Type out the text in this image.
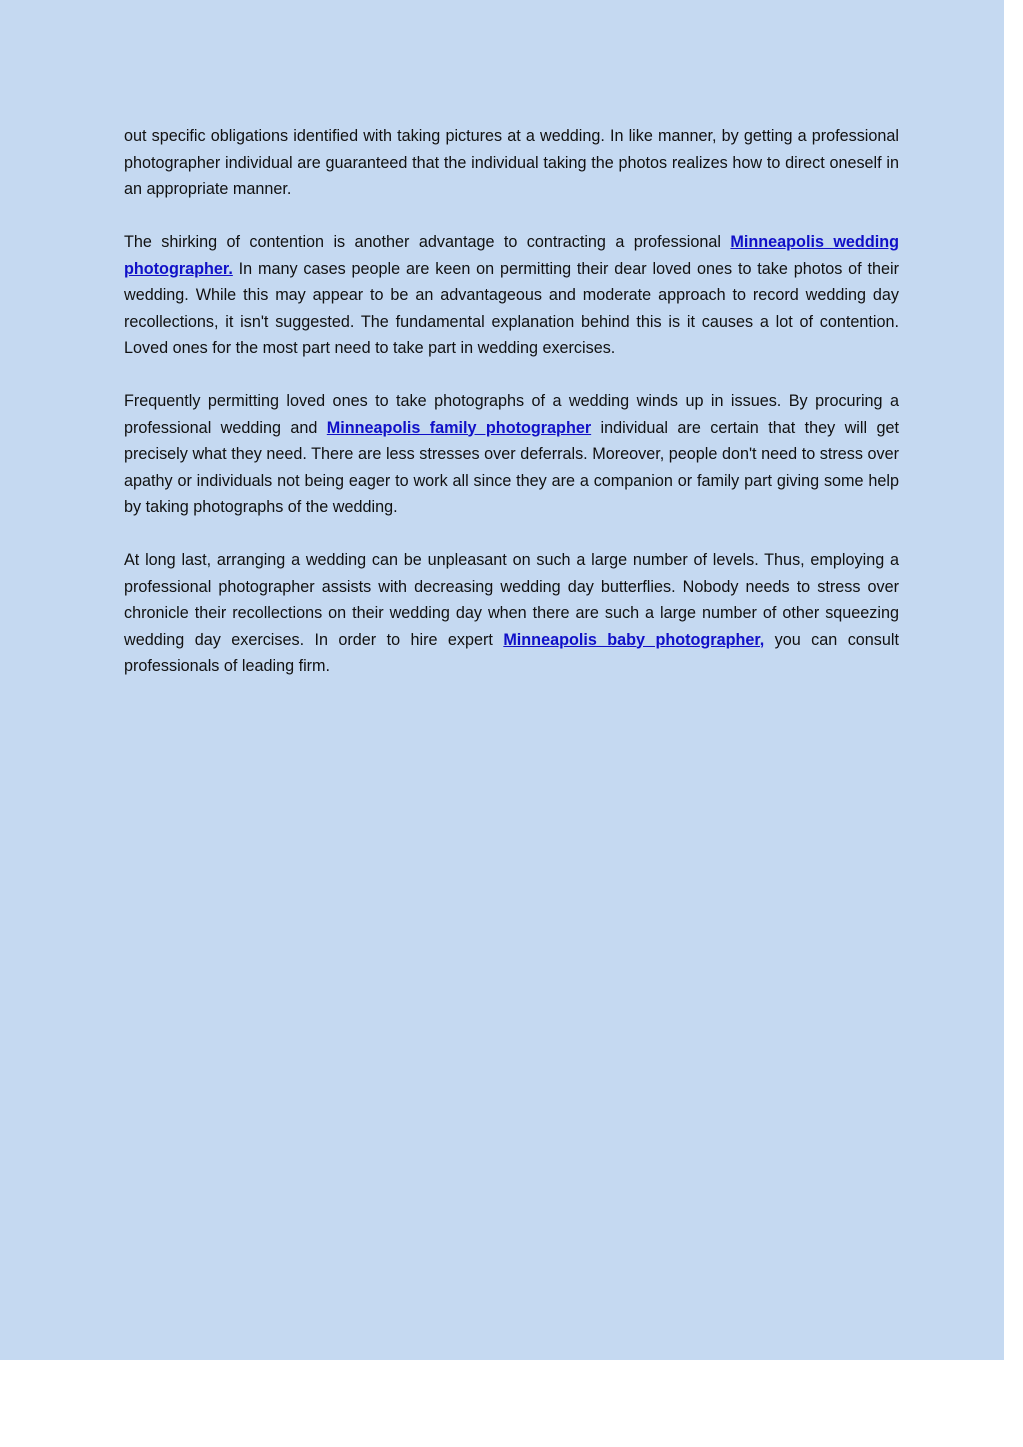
out specific obligations identified with taking pictures at a wedding. In like manner, by getting a professional photographer individual are guaranteed that the individual taking the photos realizes how to direct oneself in an appropriate manner.

The shirking of contention is another advantage to contracting a professional Minneapolis wedding photographer. In many cases people are keen on permitting their dear loved ones to take photos of their wedding. While this may appear to be an advantageous and moderate approach to record wedding day recollections, it isn't suggested. The fundamental explanation behind this is it causes a lot of contention. Loved ones for the most part need to take part in wedding exercises.

Frequently permitting loved ones to take photographs of a wedding winds up in issues. By procuring a professional wedding and Minneapolis family photographer individual are certain that they will get precisely what they need. There are less stresses over deferrals. Moreover, people don't need to stress over apathy or individuals not being eager to work all since they are a companion or family part giving some help by taking photographs of the wedding.

At long last, arranging a wedding can be unpleasant on such a large number of levels. Thus, employing a professional photographer assists with decreasing wedding day butterflies. Nobody needs to stress over chronicle their recollections on their wedding day when there are such a large number of other squeezing wedding day exercises. In order to hire expert Minneapolis baby photographer, you can consult professionals of leading firm.
